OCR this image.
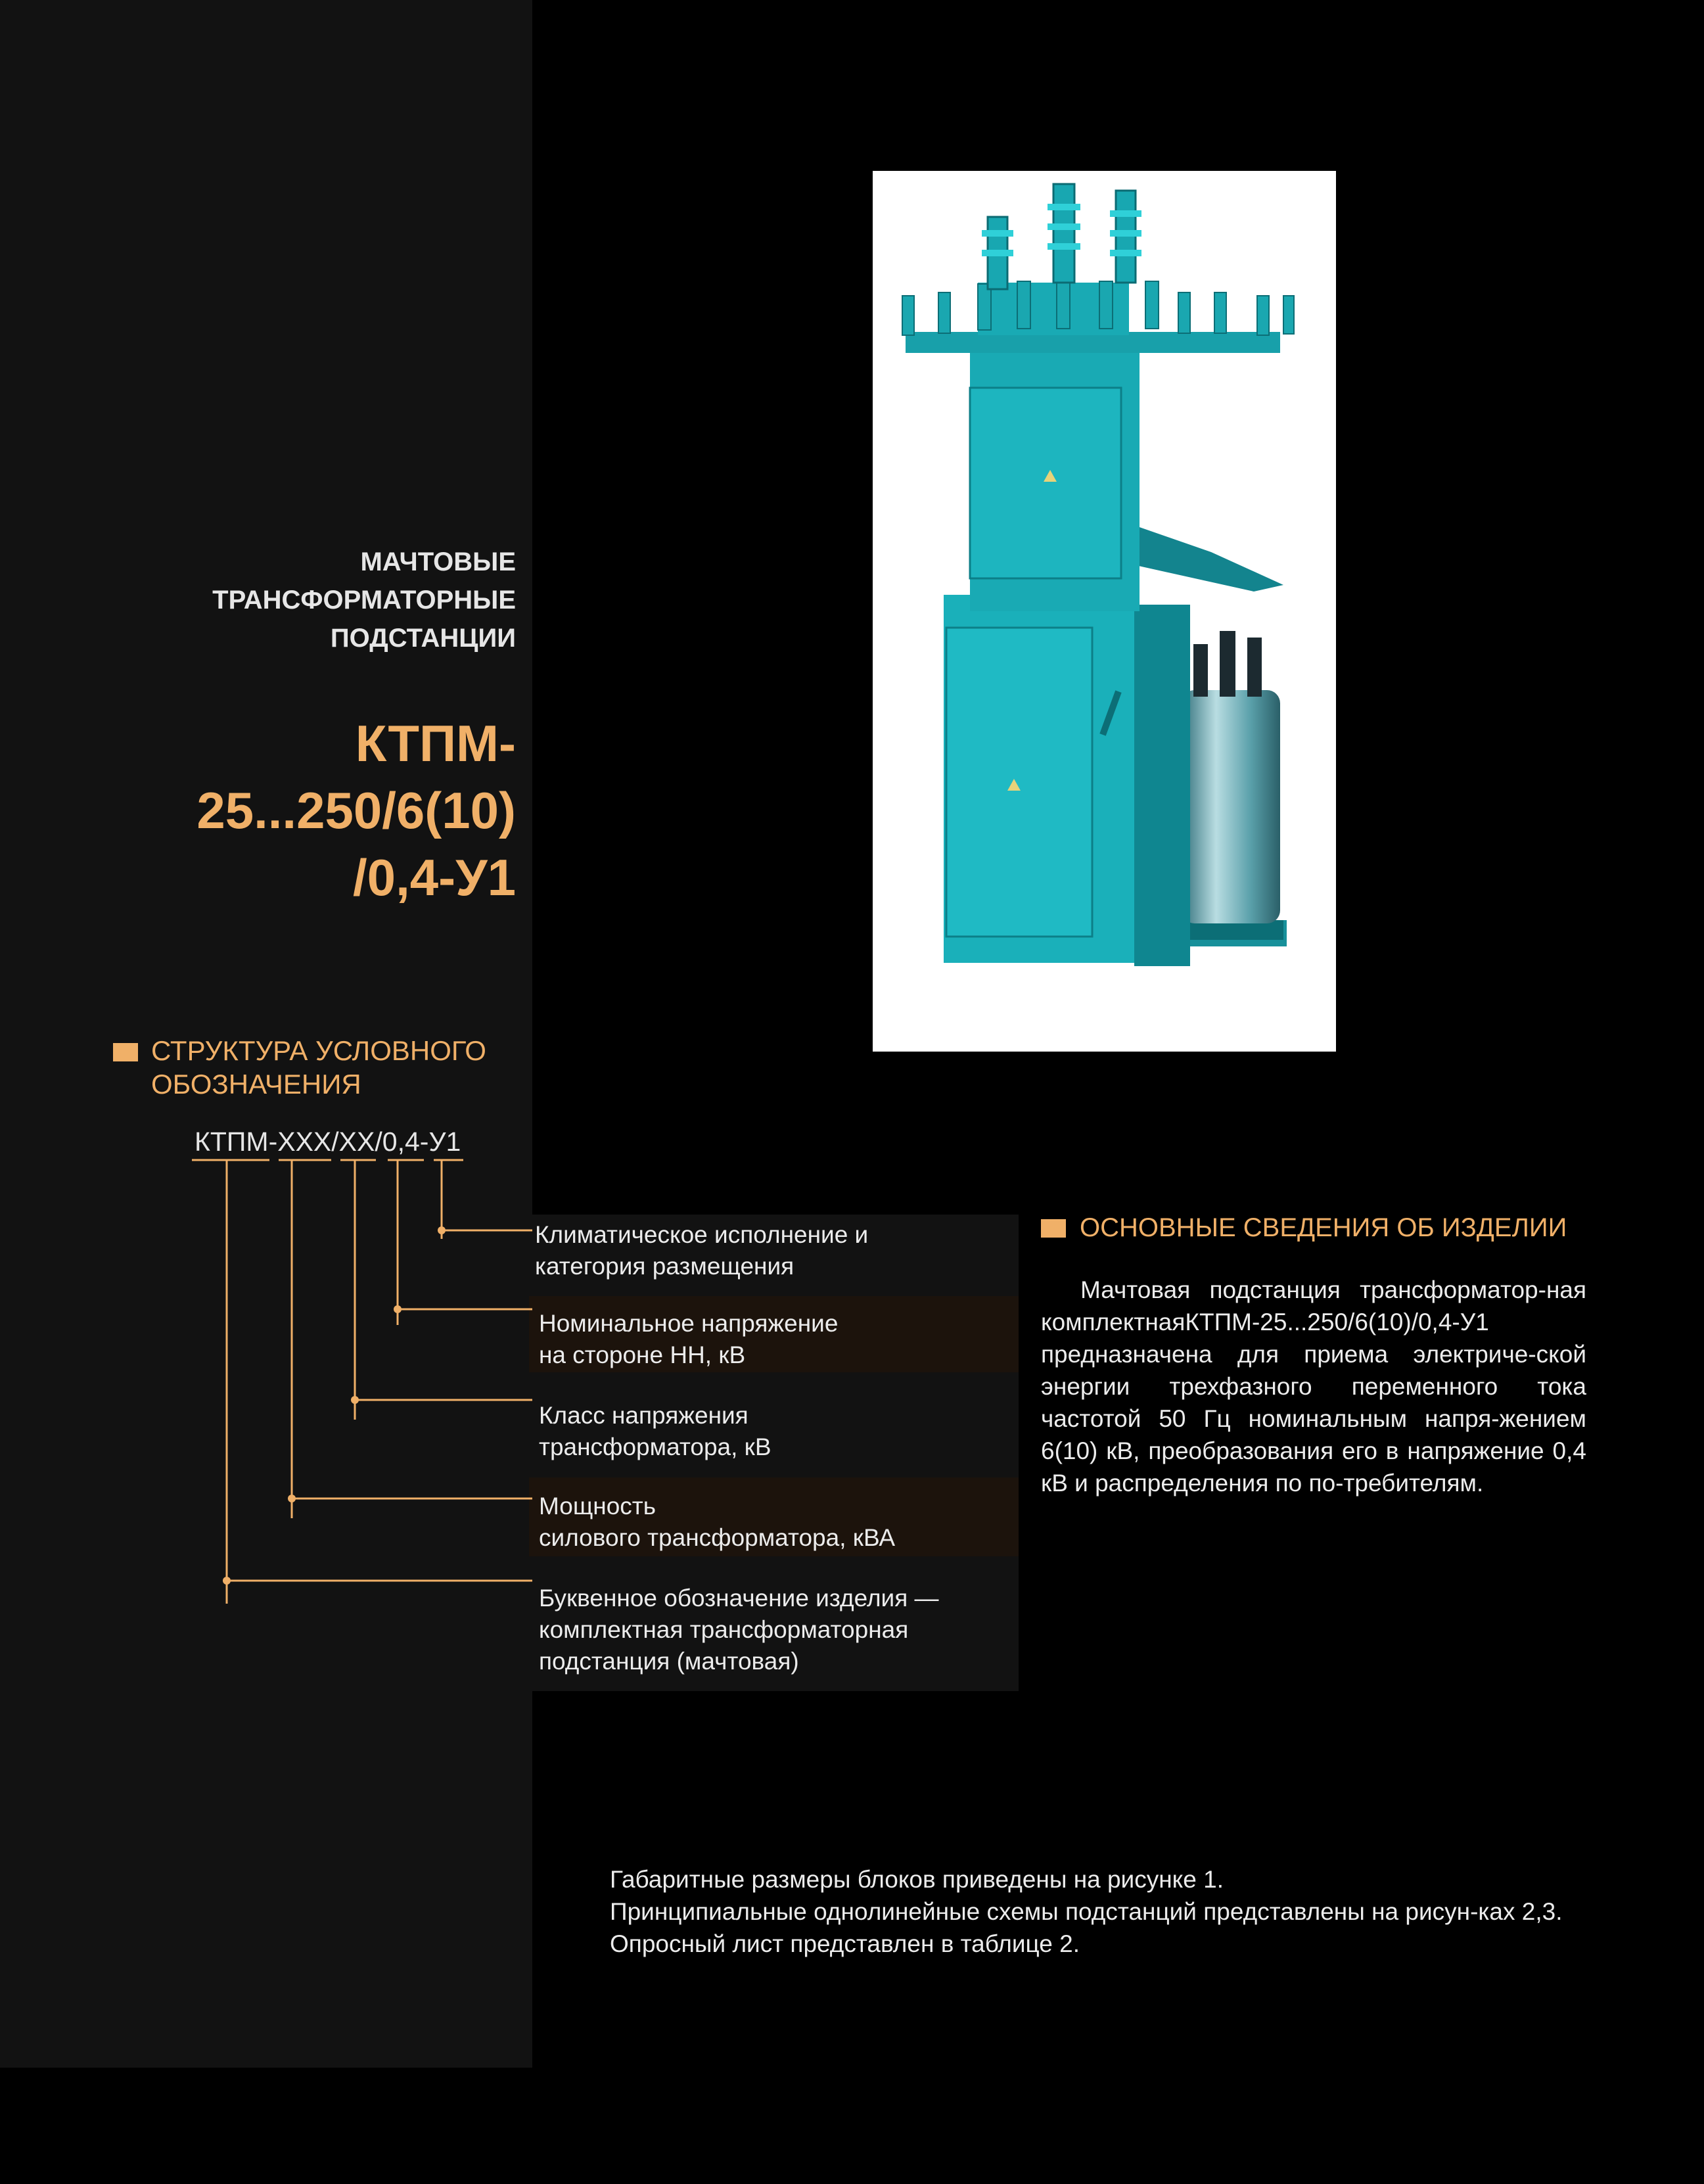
МАЧТОВЫЕ
ТРАНСФОРМАТОРНЫЕ
ПОДСТАНЦИИ
КТПМ-
25...250/6(10)
/0,4-У1
СТРУКТУРА УСЛОВНОГО
ОБОЗНАЧЕНИЯ
КТПМ-ХХХ/ХХ/0,4-У1
Климатическое исполнение и
категория размещения
Номинальное напряжение
на стороне НН, кВ
Класс напряжения
трансформатора, кВ
Мощность
силового трансформатора, кВА
Буквенное обозначение изделия —
комплектная трансформаторная
подстанция (мачтовая)
ОСНОВНЫЕ СВЕДЕНИЯ ОБ ИЗДЕЛИИ

Мачтовая подстанция трансформатор-ная комплектнаяКТПМ-25...250/6(10)/0,4-У1 предназначена для приема электриче-ской энергии трехфазного переменного тока частотой 50 Гц номинальным напря-жением 6(10) кВ, преобразования его в напряжение 0,4 кВ и распределения по по-требителям.

Габаритные размеры блоков приведены на рисунке 1.

Принципиальные однолинейные схемы подстанций представлены на рисун-ках 2,3.

Опросный лист представлен в таблице 2.
